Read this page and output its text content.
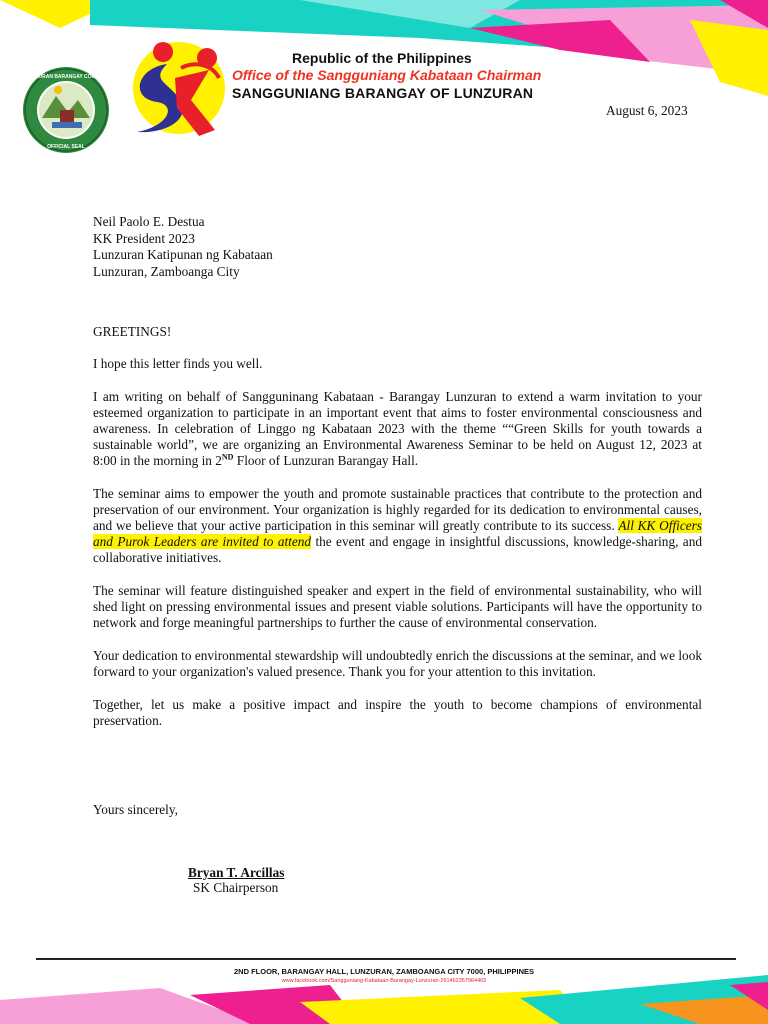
LUNZURAN BARANGAY COUNCIL
OFFICIAL SEAL
Republic of the Philippines
Office of the Sangguniang Kabataan Chairman
SANGGUNIANG BARANGAY OF LUNZURAN
August 6, 2023
Neil Paolo E. Destua
KK President 2023
Lunzuran Katipunan ng Kabataan
Lunzuran, Zamboanga City

GREETINGS!

I hope this letter finds you well.

I am writing on behalf of Sangguninang Kabataan - Barangay Lunzuran to extend a warm invitation to your esteemed organization to participate in an important event that aims to foster environmental consciousness and awareness. In celebration of Linggo ng Kabataan 2023 with the theme ““Green Skills for youth towards a sustainable world”, we are organizing an Environmental Awareness Seminar to be held on August 12, 2023 at 8:00 in the morning in 2ND Floor of Lunzuran Barangay Hall.

The seminar aims to empower the youth and promote sustainable practices that contribute to the protection and preservation of our environment. Your organization is highly regarded for its dedication to environmental causes, and we believe that your active participation in this seminar will greatly contribute to its success. All KK Officers and Purok Leaders are invited to attend the event and engage in insightful discussions, knowledge-sharing, and collaborative initiatives.

The seminar will feature distinguished speaker and expert in the field of environmental sustainability, who will shed light on pressing environmental issues and present viable solutions. Participants will have the opportunity to network and forge meaningful partnerships to further the cause of environmental conservation.

Your dedication to environmental stewardship will undoubtedly enrich the discussions at the seminar, and we look forward to your organization's valued presence. Thank you for your attention to this invitation.

Together, let us make a positive impact and inspire the youth to become champions of environmental preservation.

Yours sincerely,
Bryan T. Arcillas
SK Chairperson
2ND FLOOR, BARANGAY HALL, LUNZURAN, ZAMBOANGA CITY 7000, PHILIPPINES
www.facebook.com/Sangguniang-Kabataan-Barangay-Lunzuran-261462357964465
